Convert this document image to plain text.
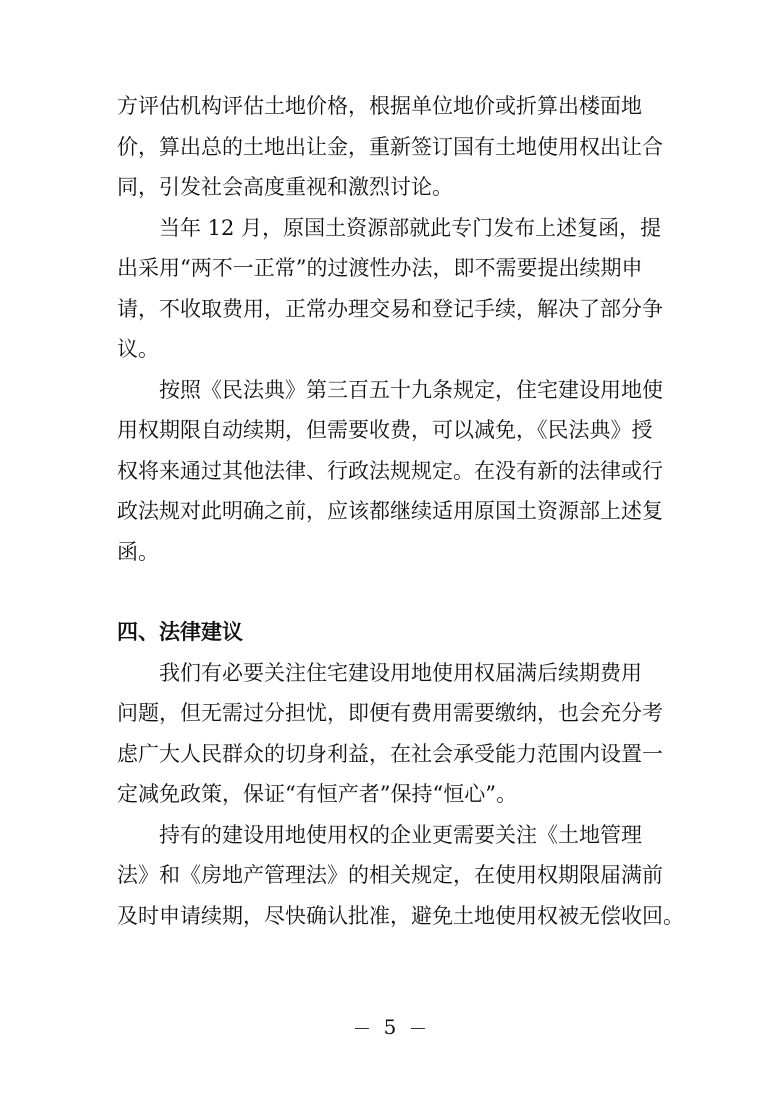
方评估机构评估土地价格，根据单位地价或折算出楼面地
价，算出总的土地出让金，重新签订国有土地使用权出让合
同，引发社会高度重视和激烈讨论。
　　当年 12 月，原国土资源部就此专门发布上述复函，提
出采用“两不一正常”的过渡性办法，即不需要提出续期申
请，不收取费用，正常办理交易和登记手续，解决了部分争
议。
　　按照《民法典》第三百五十九条规定，住宅建设用地使
用权期限自动续期，但需要收费，可以减免，《民法典》授
权将来通过其他法律、行政法规规定。在没有新的法律或行
政法规对此明确之前，应该都继续适用原国土资源部上述复
函。
四、法律建议
　　我们有必要关注住宅建设用地使用权届满后续期费用
问题，但无需过分担忧，即便有费用需要缴纳，也会充分考
虑广大人民群众的切身利益，在社会承受能力范围内设置一
定减免政策，保证“有恒产者”保持“恒心”。
　　持有的建设用地使用权的企业更需要关注《土地管理
法》和《房地产管理法》的相关规定，在使用权期限届满前
及时申请续期，尽快确认批准，避免土地使用权被无偿收回。
5
